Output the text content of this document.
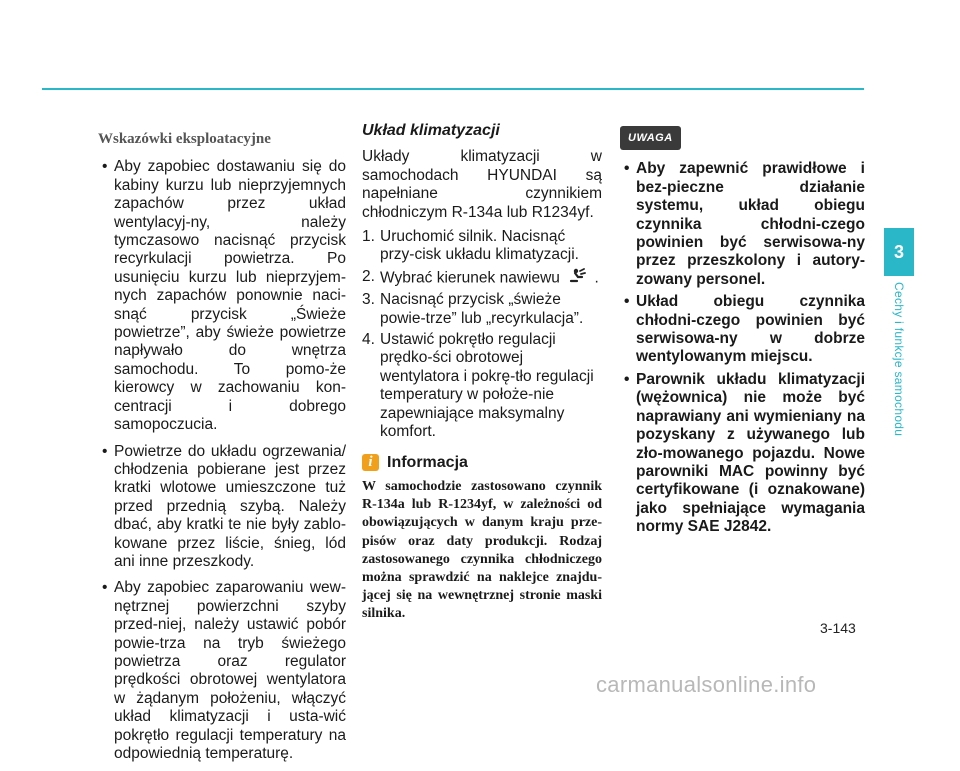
Wskazówki eksploatacyjne
• Aby zapobiec dostawaniu się do kabiny kurzu lub nieprzyjemnych zapachów przez układ wentylacyj-ny, należy tymczasowo nacisnąć przycisk recyrkulacji powietrza. Po usunięciu kurzu lub nieprzyjem-nych zapachów ponownie naci-snąć przycisk „Świeże powietrze”, aby świeże powietrze napływało do wnętrza samochodu. To pomo-że kierowcy w zachowaniu kon-centracji i dobrego samopoczucia.
• Powietrze do układu ogrzewania/ chłodzenia pobierane jest przez kratki wlotowe umieszczone tuż przed przednią szybą. Należy dbać, aby kratki te nie były zablo-kowane przez liście, śnieg, lód ani inne przeszkody.
• Aby zapobiec zaparowaniu wew-nętrznej powierzchni szyby przed-niej, należy ustawić pobór powie-trza na tryb świeżego powietrza oraz regulator prędkości obrotowej wentylatora w żądanym położeniu, włączyć układ klimatyzacji i usta-wić pokrętło regulacji temperatury na odpowiednią temperaturę.
Układ klimatyzacji

Układy klimatyzacji w samochodach HYUNDAI są napełniane czynnikiem chłodniczym R-134a lub R1234yf.

1. Uruchomić silnik. Nacisnąć przy-cisk układu klimatyzacji.
2. Wybrać kierunek nawiewu .
3. Nacisnąć przycisk „świeże powie-trze” lub „recyrkulacja”.
4. Ustawić pokrętło regulacji prędko-ści obrotowej wentylatora i pokrę-tło regulacji temperatury w położe-nie zapewniające maksymalny komfort.
i Informacja
W samochodzie zastosowano czynnik R-134a lub R-1234yf, w zależności od obowiązujących w danym kraju prze-pisów oraz daty produkcji. Rodzaj zastosowanego czynnika chłodniczego można sprawdzić na naklejce znajdu-jącej się na wewnętrznej stronie maski silnika.
UWAGA
• Aby zapewnić prawidłowe i bez-pieczne działanie systemu, układ obiegu czynnika chłodni-czego powinien być serwisowa-ny przez przeszkolony i autory-zowany personel.
• Układ obiegu czynnika chłodni-czego powinien być serwisowa-ny w dobrze wentylowanym miejscu.
• Parownik układu klimatyzacji (wężownica) nie może być naprawiany ani wymieniany na pozyskany z używanego lub zło-mowanego pojazdu. Nowe parowniki MAC powinny być certyfikowane (i oznakowane) jako spełniające wymagania normy SAE J2842.
3
Cechy i funkcje samochodu
3-143
carmanualsonline.info
